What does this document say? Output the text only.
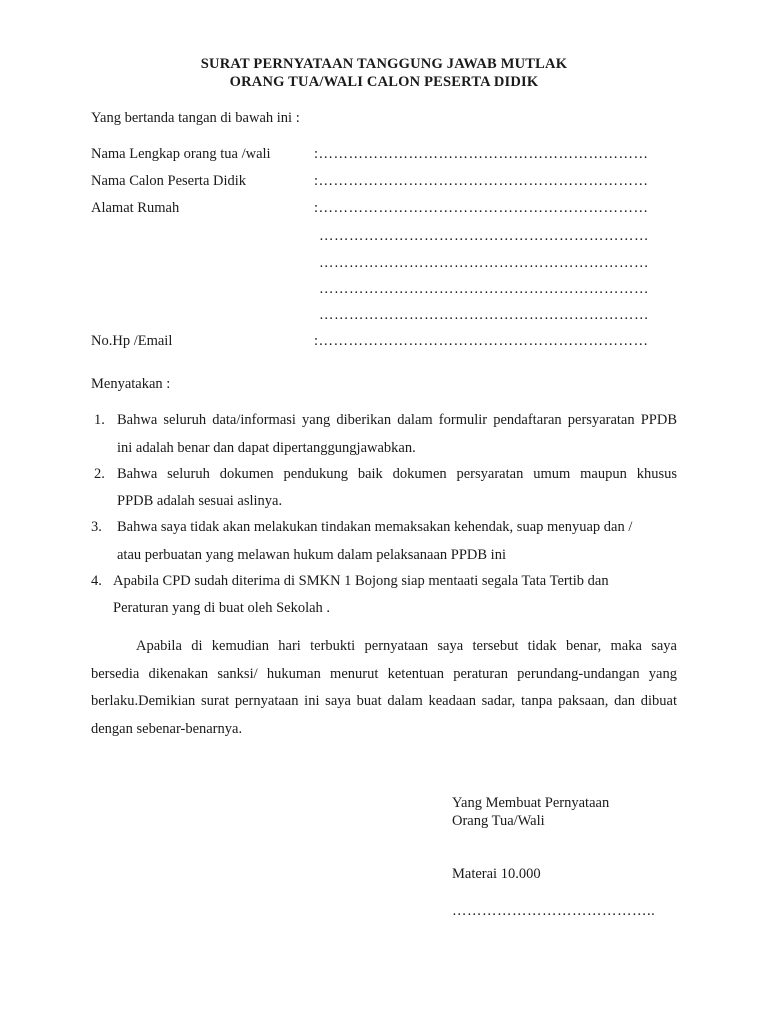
SURAT PERNYATAAN TANGGUNG JAWAB MUTLAK
ORANG TUA/WALI CALON PESERTA DIDIK
Yang bertanda tangan di bawah ini :
Nama Lengkap orang tua /wali	:…………………………………………………………
Nama Calon Peserta Didik	:…………………………………………………………
Alamat Rumah	:…………………………………………………………
…………………………………………………………
…………………………………………………………
…………………………………………………………
…………………………………………………………
No.Hp /Email	:…………………………………………………………
Menyatakan :
1. Bahwa seluruh data/informasi yang diberikan dalam formulir pendaftaran persyaratan PPDB
ini adalah benar dan dapat dipertanggungjawabkan.
2. Bahwa seluruh dokumen pendukung baik dokumen persyaratan umum maupun khusus
PPDB adalah sesuai aslinya.
3. Bahwa saya tidak akan melakukan tindakan memaksakan kehendak, suap menyuap dan /
atau perbuatan yang melawan hukum dalam pelaksanaan PPDB ini
4. Apabila CPD sudah diterima di SMKN 1 Bojong siap mentaati segala Tata Tertib dan
Peraturan yang di buat oleh Sekolah .
Apabila di kemudian hari terbukti pernyataan saya tersebut tidak benar, maka saya
bersedia dikenakan sanksi/ hukuman menurut ketentuan peraturan perundang-undangan yang
berlaku.Demikian surat pernyataan ini saya buat dalam keadaan sadar, tanpa paksaan, dan dibuat
dengan sebenar-benarnya.
Yang Membuat Pernyataan
Orang Tua/Wali
Materai 10.000
…………………………………..
